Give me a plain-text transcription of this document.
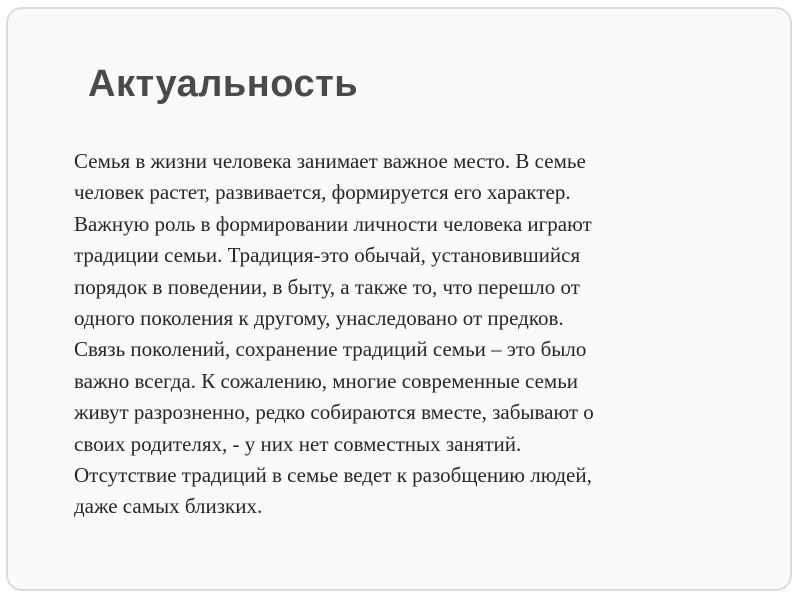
Актуальность
Семья в жизни человека занимает важное место. В семье
человек растет, развивается, формируется его характер.
Важную роль в формировании личности человека играют
традиции семьи. Традиция-это обычай, установившийся
порядок в поведении, в быту, а также то, что перешло от
одного поколения к другому, унаследовано от предков.
Связь поколений, сохранение традиций семьи – это было
важно всегда. К сожалению, многие современные семьи
живут разрозненно, редко собираются вместе, забывают о
своих родителях, - у них нет совместных занятий.
Отсутствие традиций в семье ведет к разобщению людей,
даже самых близких.
